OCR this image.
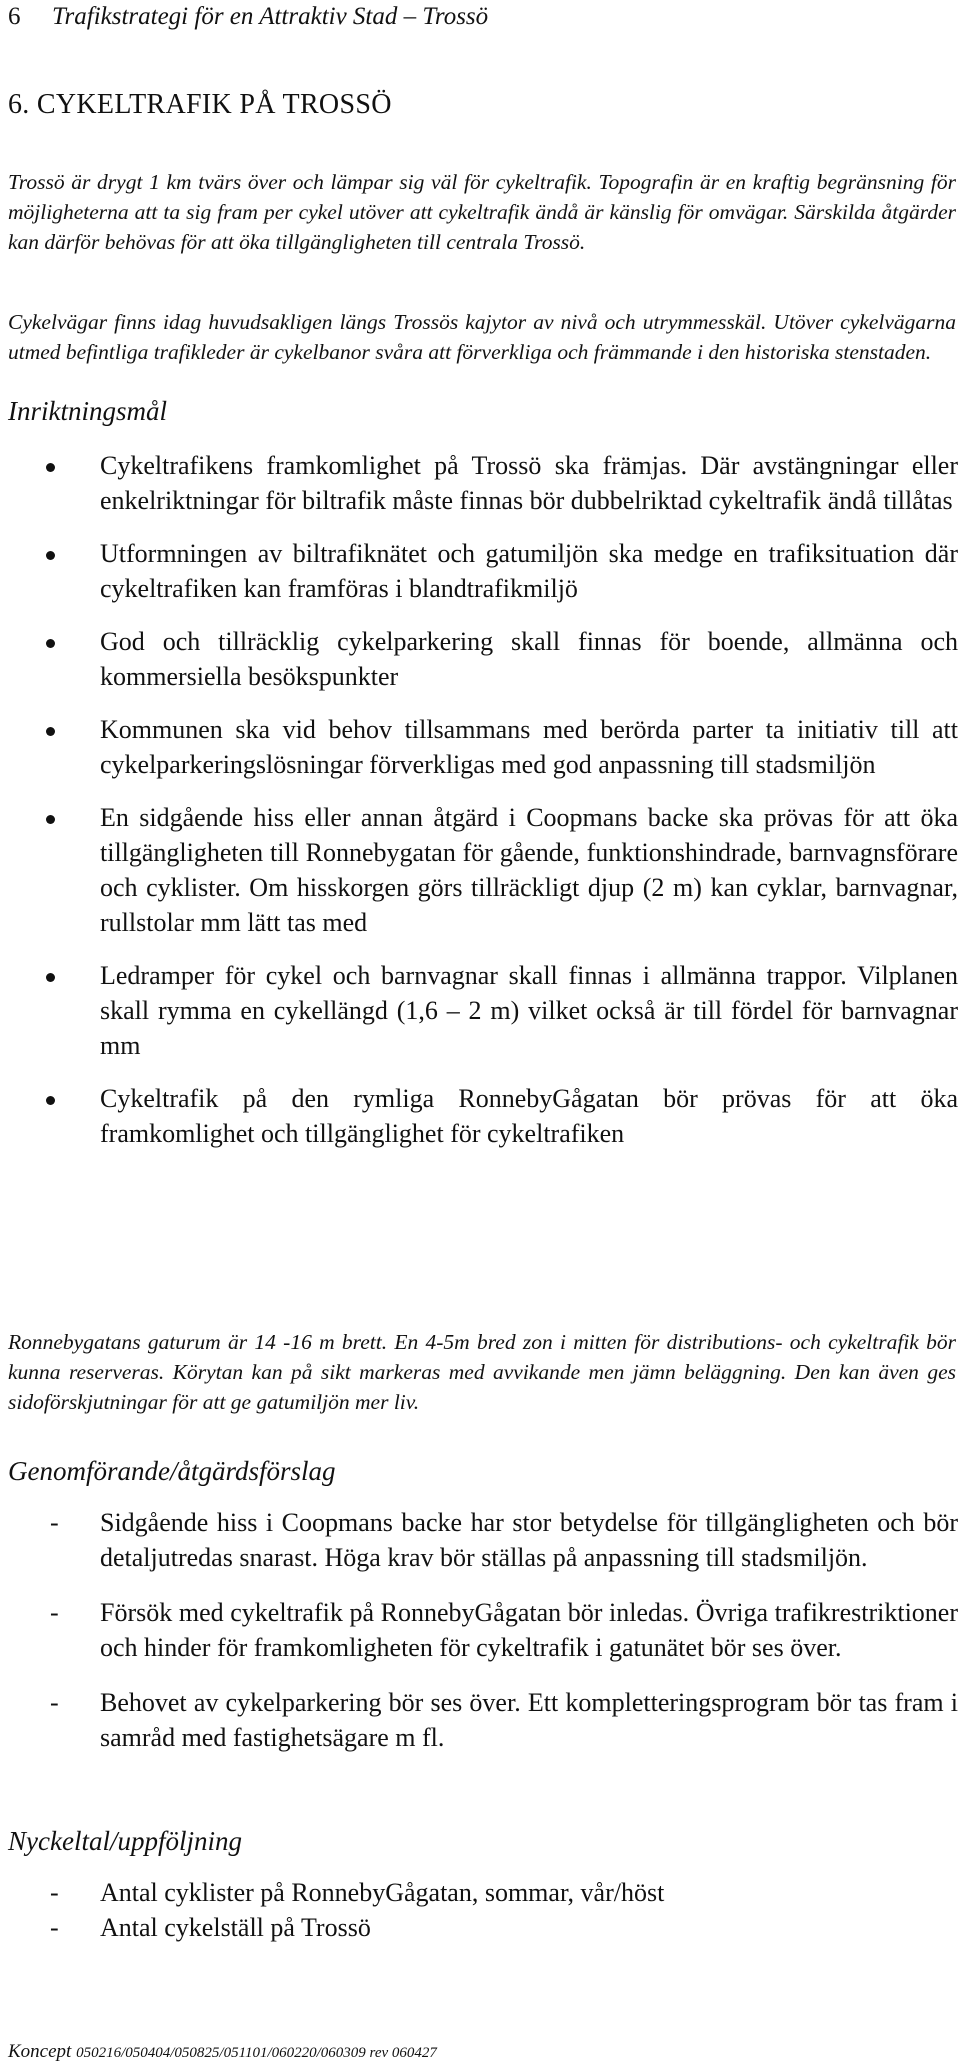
6 Trafikstrategi för en Attraktiv Stad – Trossö
6. CYKELTRAFIK PÅ TROSSÖ

Trossö är drygt 1 km tvärs över och lämpar sig väl för cykeltrafik. Topografin är en kraftig begränsning för möjligheterna att ta sig fram per cykel utöver att cykeltrafik ändå är känslig för omvägar. Särskilda åtgärder kan därför behövas för att öka tillgängligheten till centrala Trossö.

Cykelvägar finns idag huvudsakligen längs Trossös kajytor av nivå och utrymmesskäl. Utöver cykelvägarna utmed befintliga trafikleder är cykelbanor svåra att förverkliga och främmande i den historiska stenstaden.

Inriktningsmål
Cykeltrafikens framkomlighet på Trossö ska främjas. Där avstängningar eller enkelriktningar för biltrafik måste finnas bör dubbelriktad cykeltrafik ändå tillåtas
Utformningen av biltrafiknätet och gatumiljön ska medge en trafiksituation där cykeltrafiken kan framföras i blandtrafikmiljö
God och tillräcklig cykelparkering skall finnas för boende, allmänna och kommersiella besökspunkter
Kommunen ska vid behov tillsammans med berörda parter ta initiativ till att cykelparkeringslösningar förverkligas med god anpassning till stadsmiljön
En sidgående hiss eller annan åtgärd i Coopmans backe ska prövas för att öka tillgängligheten till Ronnebygatan för gående, funktionshindrade, barnvagnsförare och cyklister. Om hisskorgen görs tillräckligt djup (2 m) kan cyklar, barnvagnar, rullstolar mm lätt tas med
Ledramper för cykel och barnvagnar skall finnas i allmänna trappor. Vilplanen skall rymma en cykellängd (1,6 – 2 m) vilket också är till fördel för barnvagnar mm
Cykeltrafik på den rymliga RonnebyGågatan bör prövas för att öka framkomlighet och tillgänglighet för cykeltrafiken

Ronnebygatans gaturum är 14 -16 m brett. En 4-5m bred zon i mitten för distributions- och cykeltrafik bör kunna reserveras. Körytan kan på sikt markeras med avvikande men jämn beläggning. Den kan även ges sidoförskjutningar för att ge gatumiljön mer liv.

Genomförande/åtgärdsförslag
- Sidgående hiss i Coopmans backe har stor betydelse för tillgängligheten och bör detaljutredas snarast. Höga krav bör ställas på anpassning till stadsmiljön.
- Försök med cykeltrafik på RonnebyGågatan bör inledas. Övriga trafikrestriktioner och hinder för framkomligheten för cykeltrafik i gatunätet bör ses över.
- Behovet av cykelparkering bör ses över. Ett kompletteringsprogram bör tas fram i samråd med fastighetsägare m fl.
Nyckeltal/uppföljning
- Antal cyklister på RonnebyGågatan, sommar, vår/höst
- Antal cykelställ på Trossö
Koncept 050216/050404/050825/051101/060220/060309 rev 060427
